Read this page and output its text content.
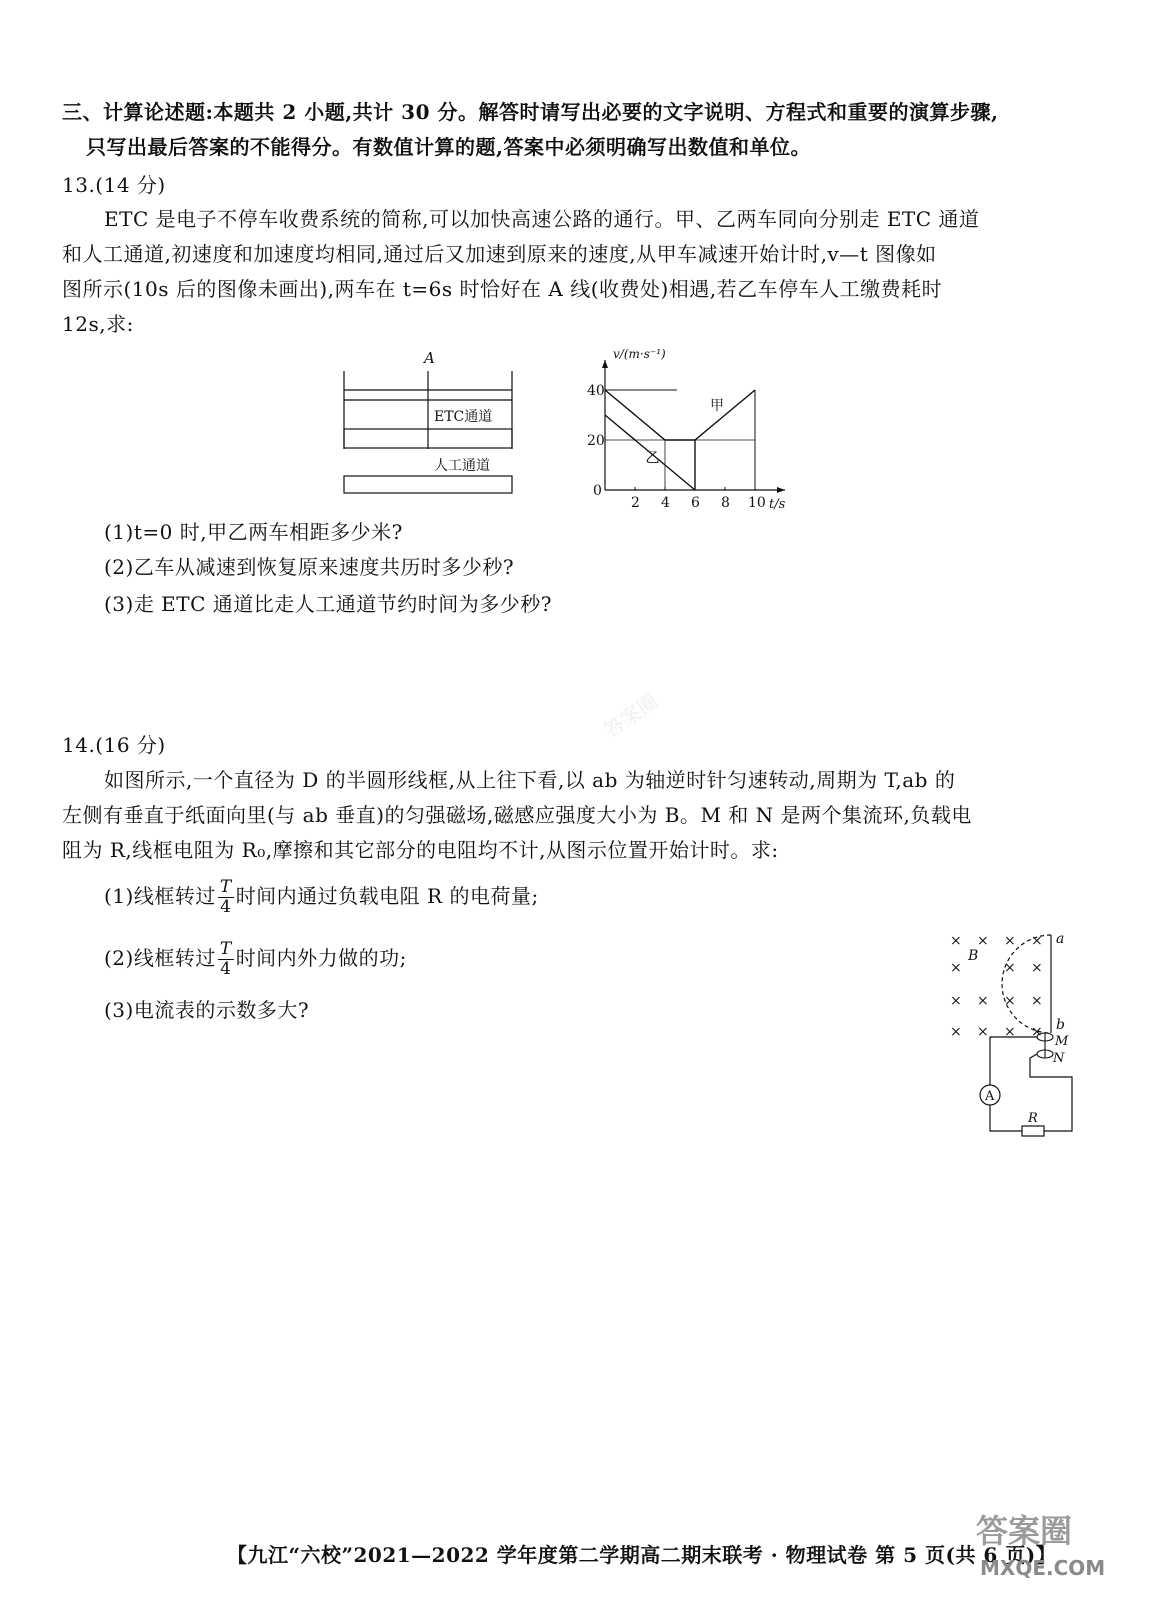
三、计算论述题:本题共 2 小题,共计 30 分。解答时请写出必要的文字说明、方程式和重要的演算步骤,
只写出最后答案的不能得分。有数值计算的题,答案中必须明确写出数值和单位。
13.(14 分)
ETC 是电子不停车收费系统的简称,可以加快高速公路的通行。甲、乙两车同向分别走 ETC 通道
和人工通道,初速度和加速度均相同,通过后又加速到原来的速度,从甲车减速开始计时,v—t 图像如
图所示(10s 后的图像未画出),两车在 t=6s 时恰好在 A 线(收费处)相遇,若乙车停车人工缴费耗时
12s,求:
A
ETC通道
人工通道
2 4 6 8 10
0
20
40
v/(m·s⁻¹)
t/s
甲
乙
(1)t=0 时,甲乙两车相距多少米?
(2)乙车从减速到恢复原来速度共历时多少秒?
(3)走 ETC 通道比走人工通道节约时间为多少秒?
答案圈
14.(16 分)
如图所示,一个直径为 D 的半圆形线框,从上往下看,以 ab 为轴逆时针匀速转动,周期为 T,ab 的
左侧有垂直于纸面向里(与 ab 垂直)的匀强磁场,磁感应强度大小为 B。M 和 N 是两个集流环,负载电
阻为 R,线框电阻为 R₀,摩擦和其它部分的电阻均不计,从图示位置开始计时。求:
(1)线框转过 $\frac{T}{4}$ 时间内通过负载电阻 R 的电荷量;
(2)线框转过 $\frac{T}{4}$ 时间内外力做的功;
(3)电流表的示数多大?
× × × ×
×	× ×
× × × ×
× × × ×
B
a
b
M
N
A
R
【九江“六校”2021—2022 学年度第二学期高二期末联考 · 物理试卷 第 5 页(共 6 页)】
答案圈
MXQE.COM
